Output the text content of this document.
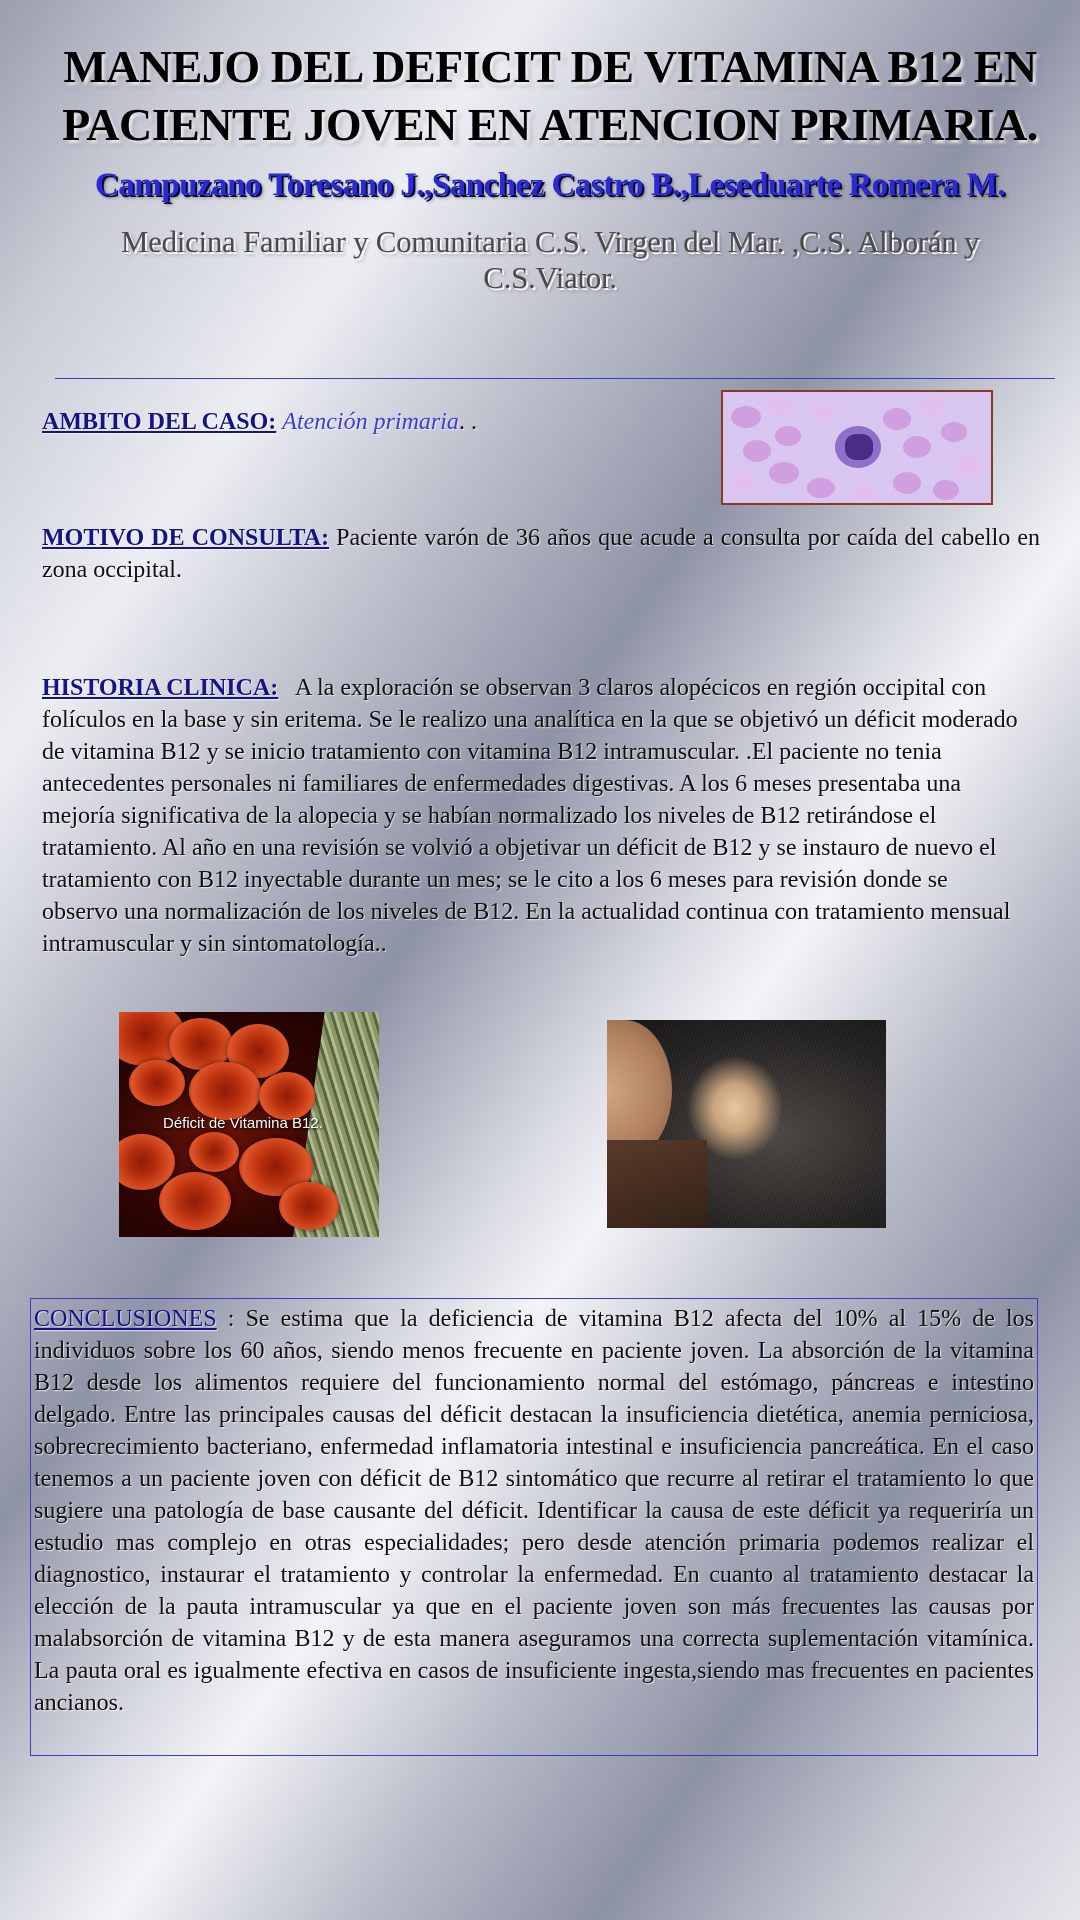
MANEJO DEL DEFICIT DE VITAMINA B12 EN PACIENTE JOVEN EN ATENCION PRIMARIA.
Campuzano Toresano J.,Sanchez Castro B.,Leseduarte Romera M.

Medicina Familiar y Comunitaria C.S. Virgen del Mar. ,C.S. Alborán y C.S.Viator.

AMBITO DEL CASO: Atención primaria. .

MOTIVO DE CONSULTA: Paciente varón de 36 años que acude a consulta por caída del cabello en zona occipital.

HISTORIA CLINICA: A la exploración se observan 3 claros alopécicos en región occipital con folículos en la base y sin eritema. Se le realizo una analítica en la que se objetivó un déficit moderado de vitamina B12 y se inicio tratamiento con vitamina B12 intramuscular. .El paciente no tenia antecedentes personales ni familiares de enfermedades digestivas. A los 6 meses presentaba una mejoría significativa de la alopecia y se habían normalizado los niveles de B12 retirándose el tratamiento. Al año en una revisión se volvió a objetivar un déficit de B12 y se instauro de nuevo el tratamiento con B12 inyectable durante un mes; se le cito a los 6 meses para revisión donde se observo una normalización de los niveles de B12. En la actualidad continua con tratamiento mensual intramuscular y sin sintomatología..

Déficit de Vitamina B12.
CONCLUSIONES : Se estima que la deficiencia de vitamina B12 afecta del 10% al 15% de los individuos sobre los 60 años, siendo menos frecuente en paciente joven. La absorción de la vitamina B12 desde los alimentos requiere del funcionamiento normal del estómago, páncreas e intestino delgado. Entre las principales causas del déficit destacan la insuficiencia dietética, anemia perniciosa, sobrecrecimiento bacteriano, enfermedad inflamatoria intestinal e insuficiencia pancreática. En el caso tenemos a un paciente joven con déficit de B12 sintomático que recurre al retirar el tratamiento lo que sugiere una patología de base causante del déficit. Identificar la causa de este déficit ya requeriría un estudio mas complejo en otras especialidades; pero desde atención primaria podemos realizar el diagnostico, instaurar el tratamiento y controlar la enfermedad. En cuanto al tratamiento destacar la elección de la pauta intramuscular ya que en el paciente joven son más frecuentes las causas por malabsorción de vitamina B12 y de esta manera aseguramos una correcta suplementación vitamínica. La pauta oral es igualmente efectiva en casos de insuficiente ingesta,siendo mas frecuentes en pacientes ancianos.
